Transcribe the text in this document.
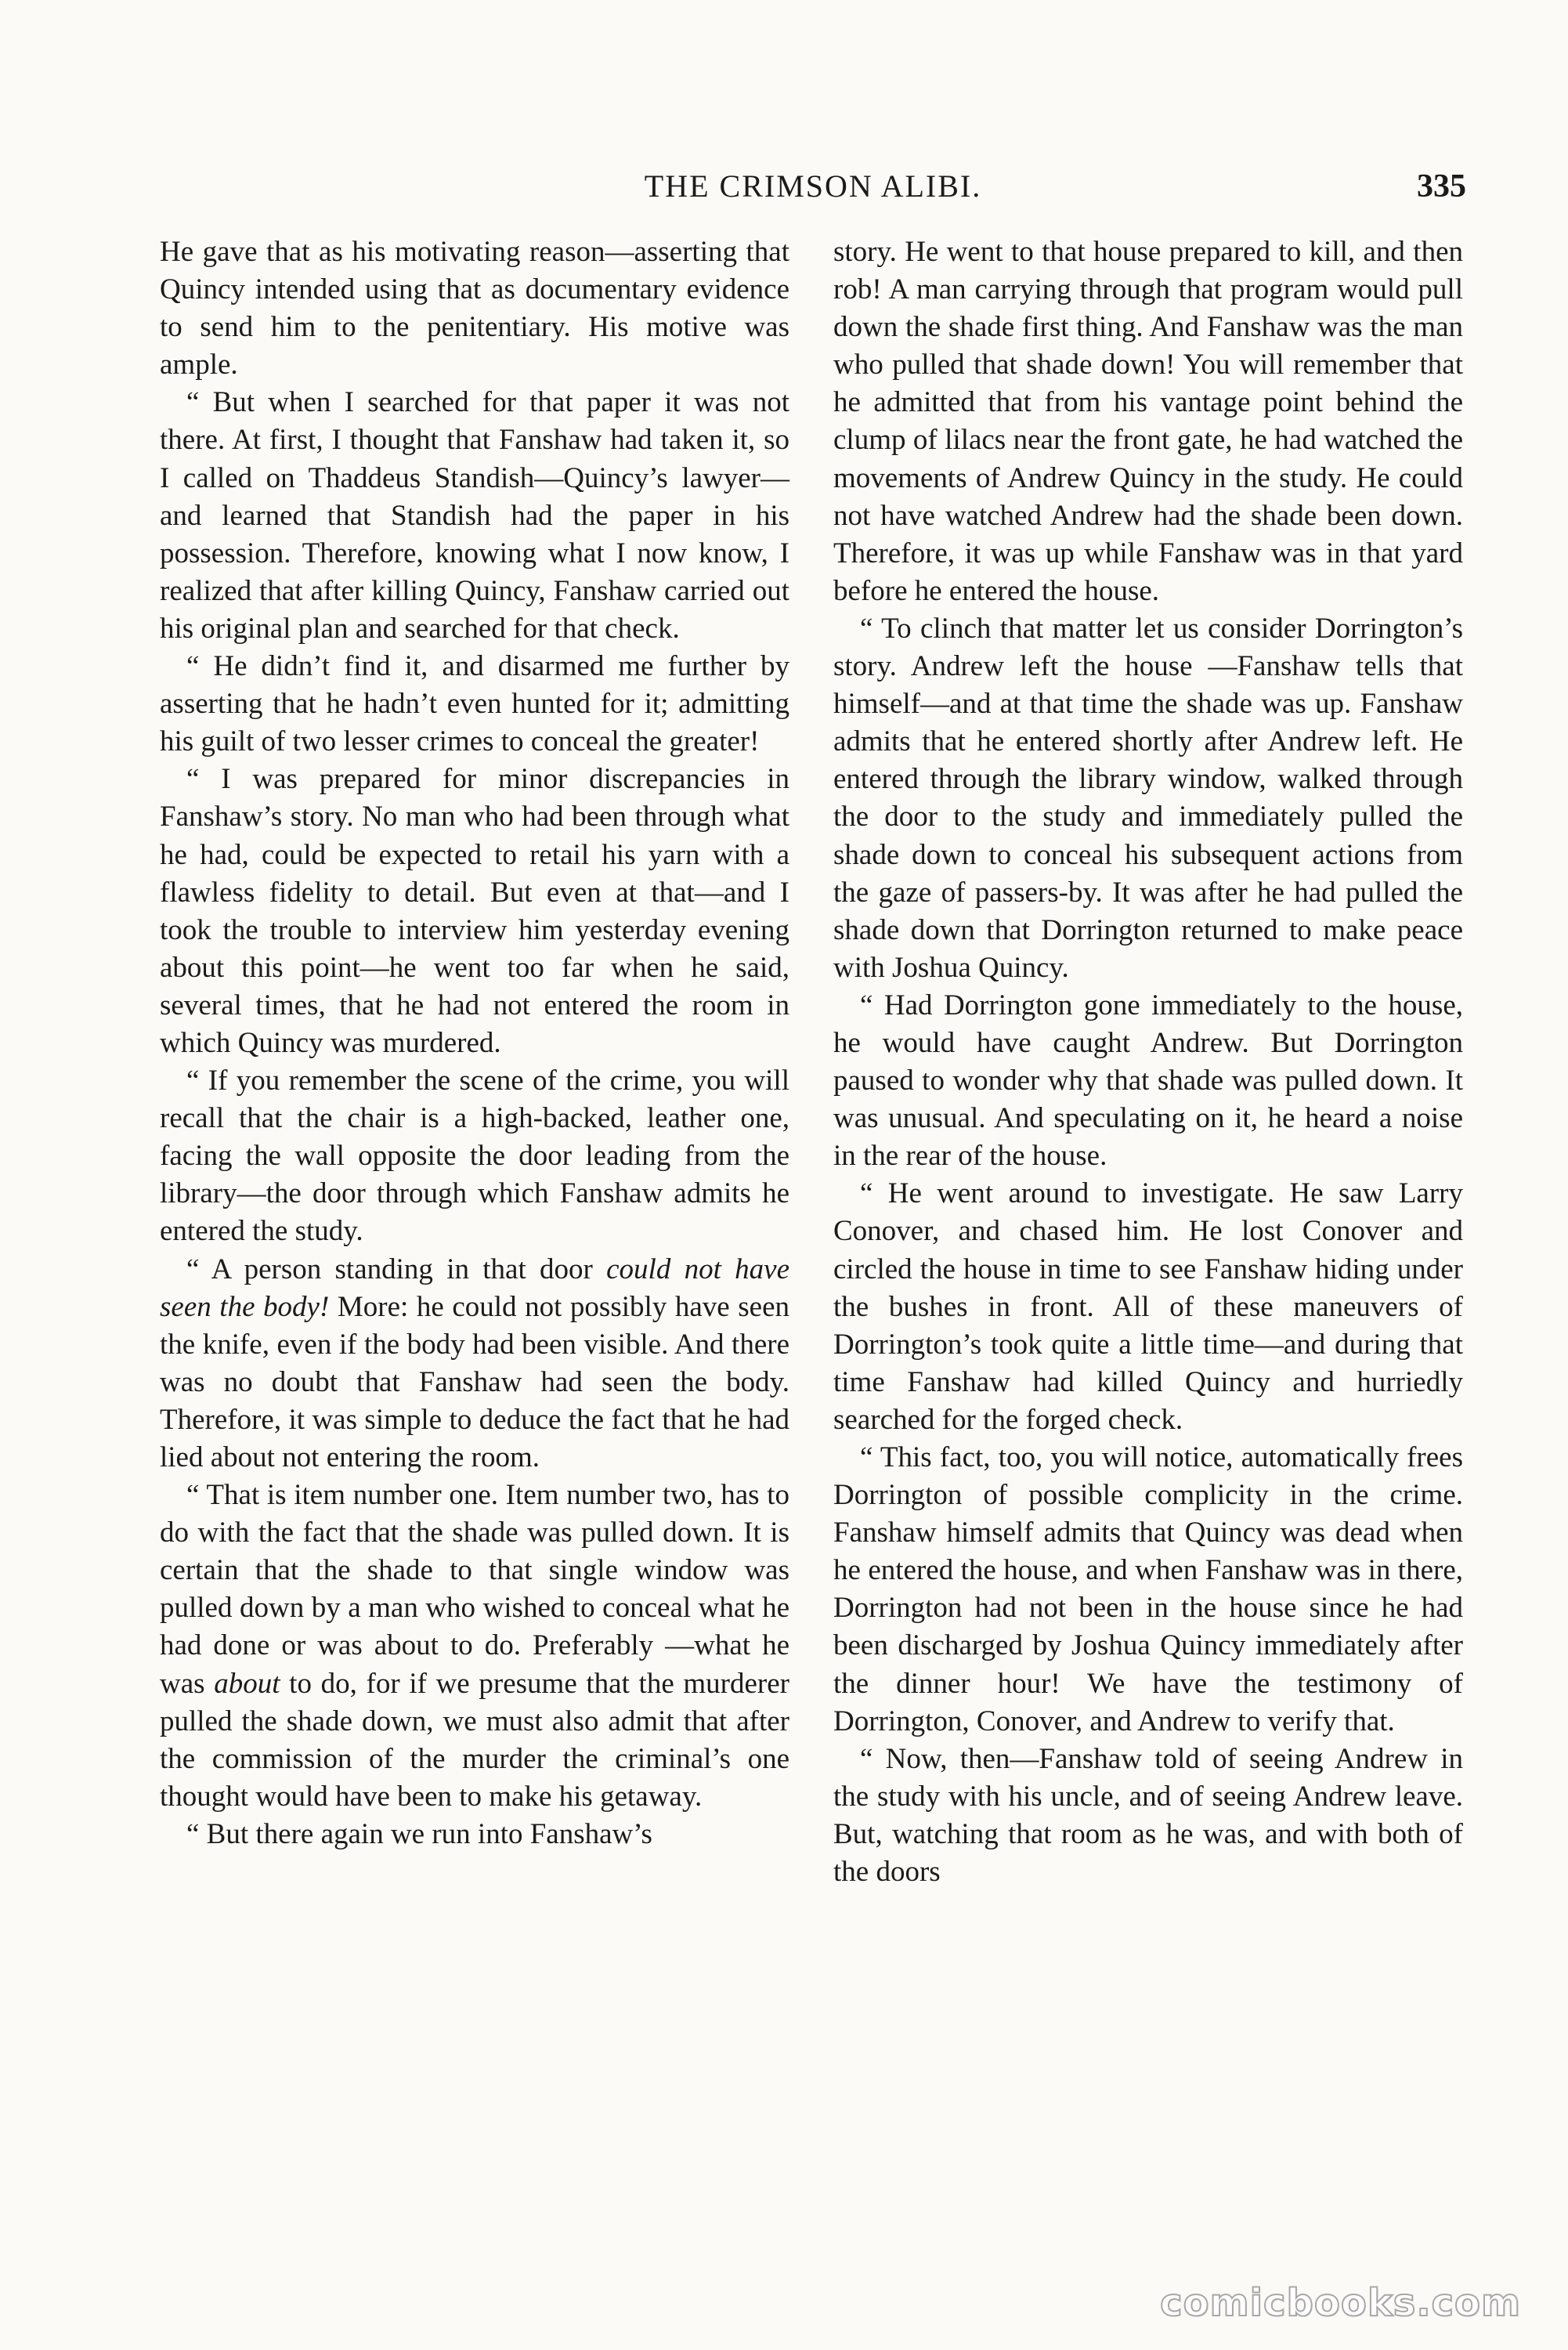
THE CRIMSON ALIBI.	335

He gave that as his motivating reason—asserting that Quincy intended using that as documentary evidence to send him to the penitentiary. His motive was ample.

“ But when I searched for that paper it was not there. At first, I thought that Fanshaw had taken it, so I called on Thaddeus Standish—Quincy’s lawyer—and learned that Standish had the paper in his possession. Therefore, knowing what I now know, I realized that after killing Quincy, Fanshaw carried out his original plan and searched for that check.

“ He didn’t find it, and disarmed me further by asserting that he hadn’t even hunted for it; admitting his guilt of two lesser crimes to conceal the greater!

“ I was prepared for minor discrepancies in Fanshaw’s story. No man who had been through what he had, could be expected to retail his yarn with a flawless fidelity to detail. But even at that—and I took the trouble to interview him yesterday evening about this point—he went too far when he said, several times, that he had not entered the room in which Quincy was murdered.

“ If you remember the scene of the crime, you will recall that the chair is a high-backed, leather one, facing the wall opposite the door leading from the library—the door through which Fanshaw admits he entered the study.

“ A person standing in that door could not have seen the body! More: he could not possibly have seen the knife, even if the body had been visible. And there was no doubt that Fanshaw had seen the body. Therefore, it was simple to deduce the fact that he had lied about not entering the room.

“ That is item number one. Item number two, has to do with the fact that the shade was pulled down. It is certain that the shade to that single window was pulled down by a man who wished to conceal what he had done or was about to do. Preferably —what he was about to do, for if we presume that the murderer pulled the shade down, we must also admit that after the commission of the murder the criminal’s one thought would have been to make his getaway.

“ But there again we run into Fanshaw’s

story. He went to that house prepared to kill, and then rob! A man carrying through that program would pull down the shade first thing. And Fanshaw was the man who pulled that shade down! You will remember that he admitted that from his vantage point behind the clump of lilacs near the front gate, he had watched the movements of Andrew Quincy in the study. He could not have watched Andrew had the shade been down. Therefore, it was up while Fanshaw was in that yard before he entered the house.

“ To clinch that matter let us consider Dorrington’s story. Andrew left the house —Fanshaw tells that himself—and at that time the shade was up. Fanshaw admits that he entered shortly after Andrew left. He entered through the library window, walked through the door to the study and immediately pulled the shade down to conceal his subsequent actions from the gaze of passers-by. It was after he had pulled the shade down that Dorrington returned to make peace with Joshua Quincy.

“ Had Dorrington gone immediately to the house, he would have caught Andrew. But Dorrington paused to wonder why that shade was pulled down. It was unusual. And speculating on it, he heard a noise in the rear of the house.

“ He went around to investigate. He saw Larry Conover, and chased him. He lost Conover and circled the house in time to see Fanshaw hiding under the bushes in front. All of these maneuvers of Dorrington’s took quite a little time—and during that time Fanshaw had killed Quincy and hurriedly searched for the forged check.

“ This fact, too, you will notice, automatically frees Dorrington of possible complicity in the crime. Fanshaw himself admits that Quincy was dead when he entered the house, and when Fanshaw was in there, Dorrington had not been in the house since he had been discharged by Joshua Quincy immediately after the dinner hour! We have the testimony of Dorrington, Conover, and Andrew to verify that.

“ Now, then—Fanshaw told of seeing Andrew in the study with his uncle, and of seeing Andrew leave. But, watching that room as he was, and with both of the doors

comicbooks.com
